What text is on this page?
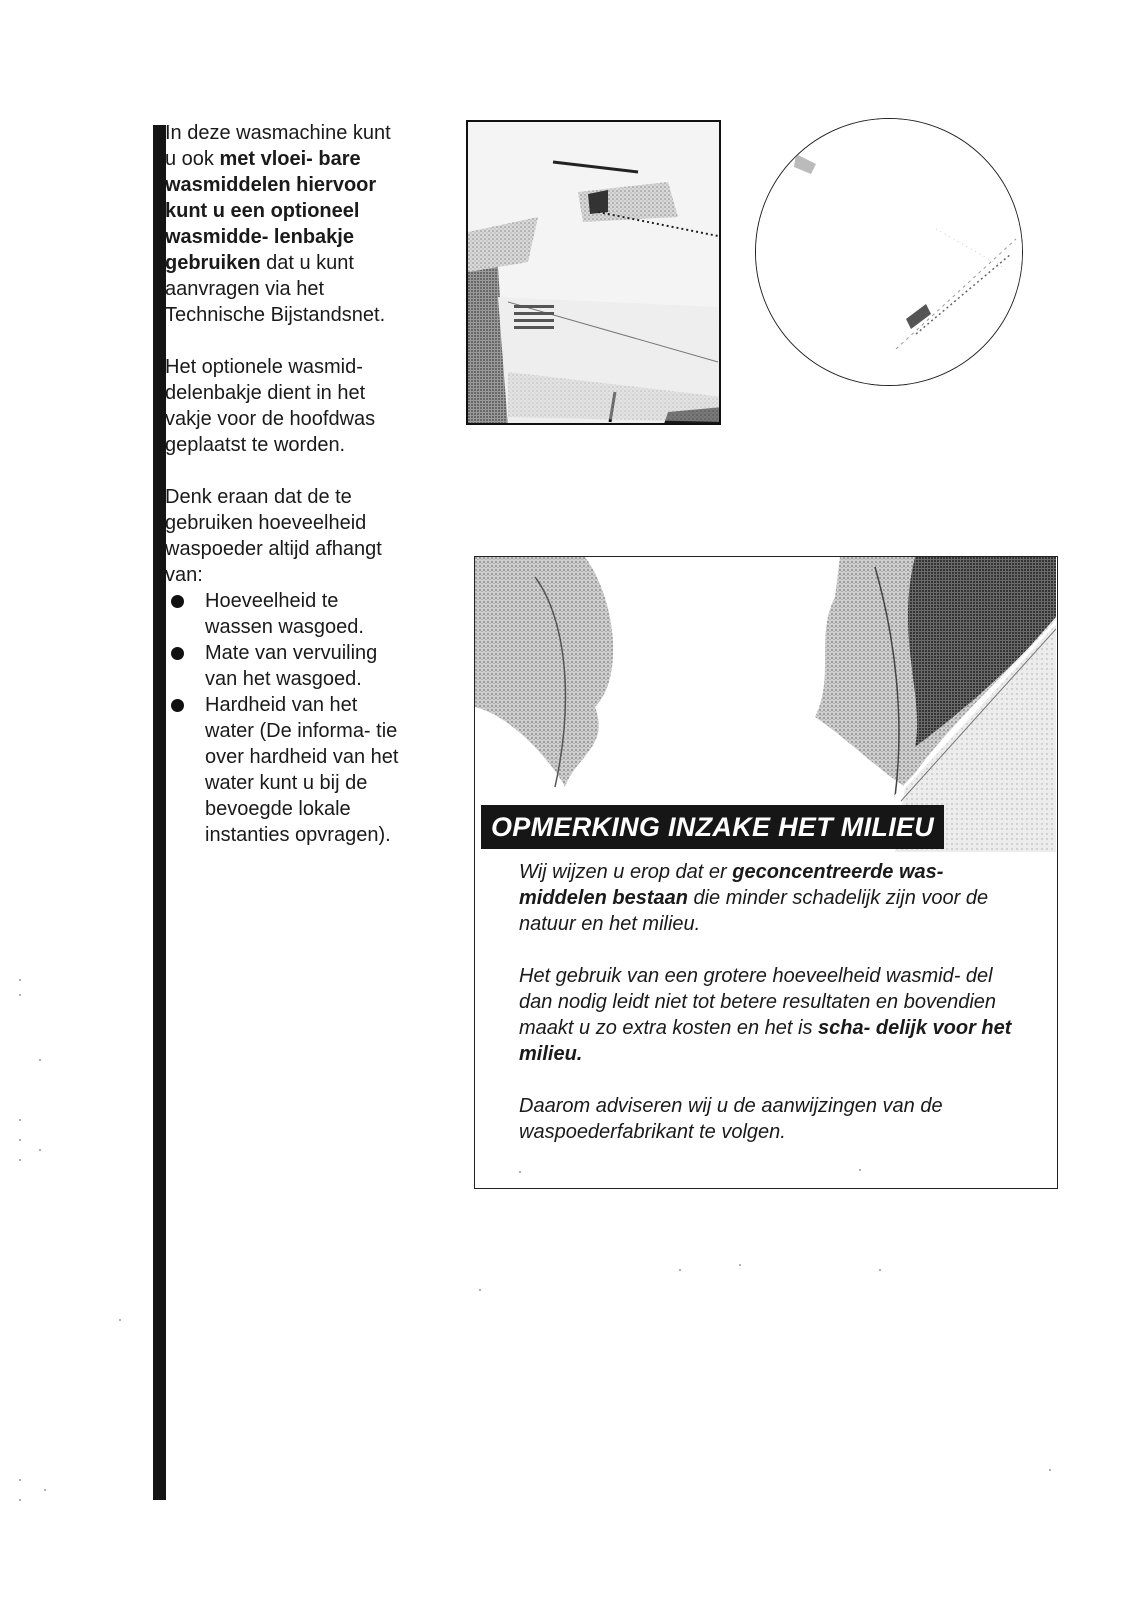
In deze wasmachine kunt u ook met vloei- bare wasmiddelen hiervoor kunt u een optioneel wasmidde- lenbakje gebruiken dat u kunt aanvragen via het Technische Bijstandsnet.

Het optionele wasmid- delenbakje dient in het vakje voor de hoofdwas geplaatst te worden.

Denk eraan dat de te gebruiken hoeveelheid waspoeder altijd afhangt van:

Hoeveelheid te wassen wasgoed.
Mate van vervuiling van het wasgoed.
Hardheid van het water (De informa- tie over hardheid van het water kunt u bij de bevoegde lokale instanties opvragen).	OPMERKING INZAKE HET MILIEU

Wij wijzen u erop dat er geconcentreerde was- middelen bestaan die minder schadelijk zijn voor de natuur en het milieu.

Het gebruik van een grotere hoeveelheid wasmid- del dan nodig leidt niet tot betere resultaten en bovendien maakt u zo extra kosten en het is scha- delijk voor het milieu.

Daarom adviseren wij u de aanwijzingen van de waspoederfabrikant te volgen.
